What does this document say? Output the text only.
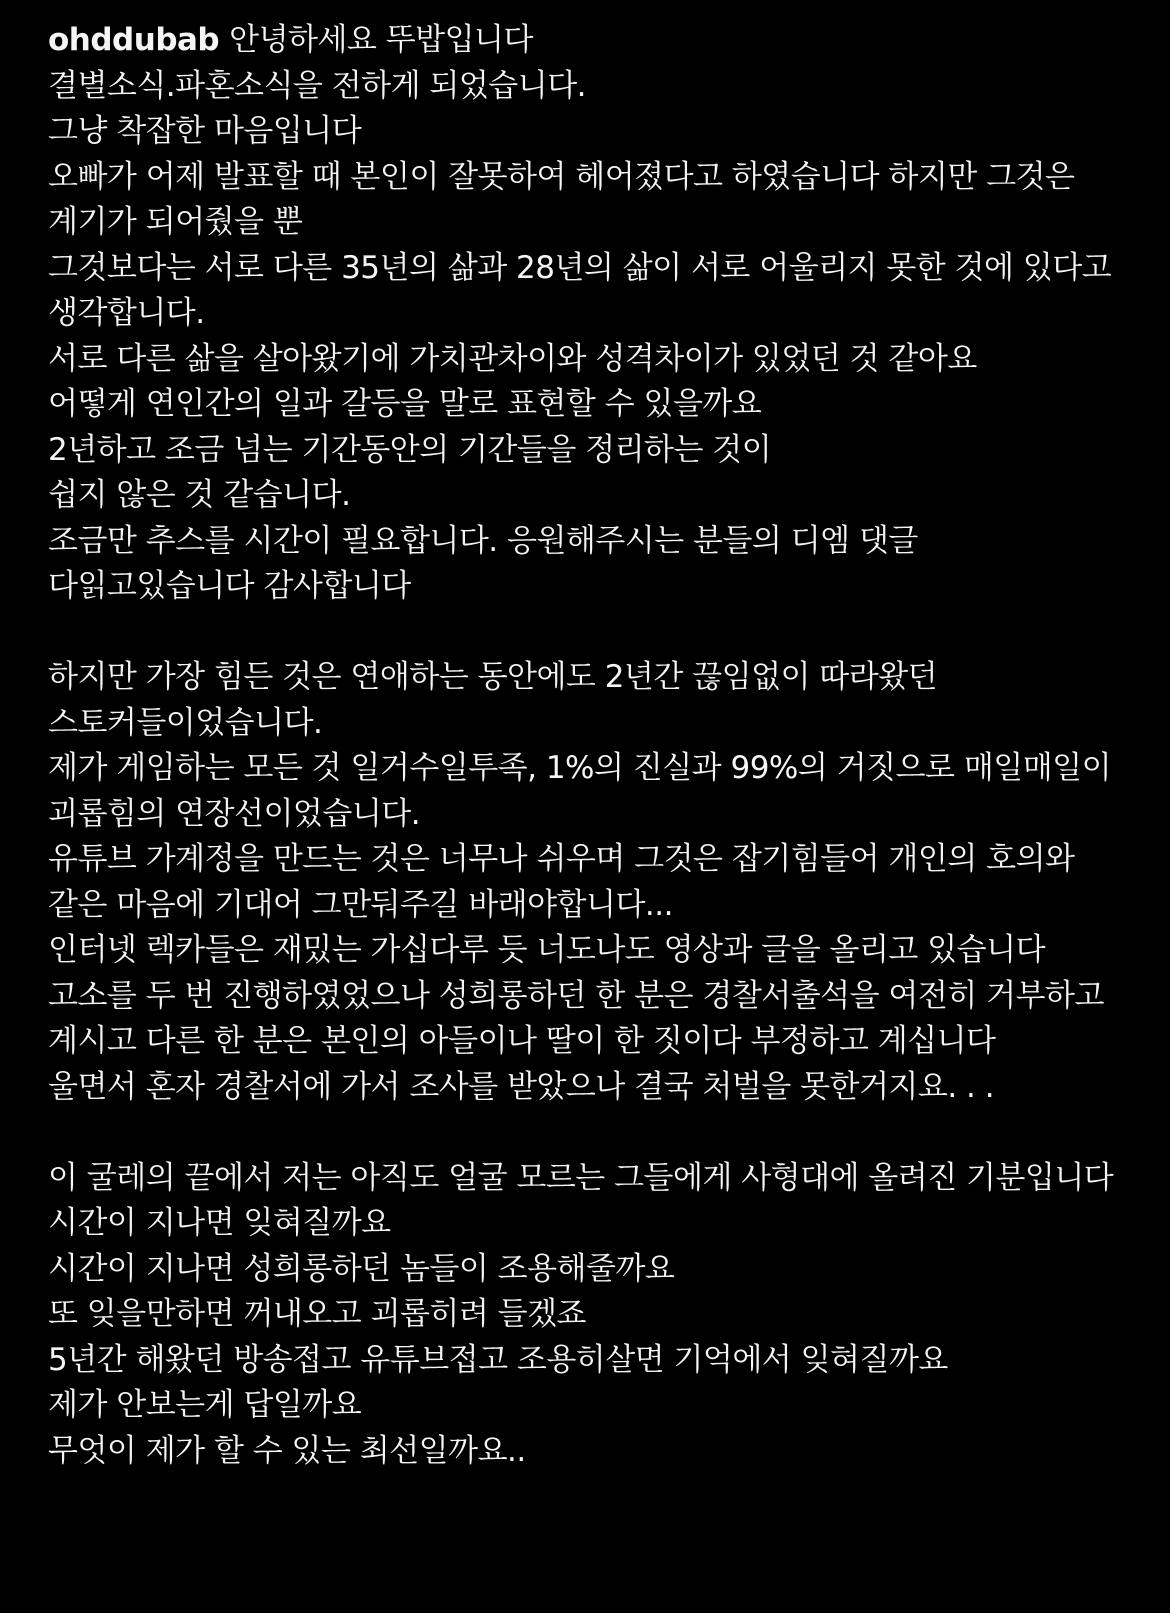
ohddubab 안녕하세요 뚜밥입니다
결별소식.파혼소식을 전하게 되었습니다.
그냥 착잡한 마음입니다
오빠가 어제 발표할 때 본인이 잘못하여 헤어졌다고 하였습니다 하지만 그것은 계기가 되어줬을 뿐
그것보다는 서로 다른 35년의 삶과 28년의 삶이 서로 어울리지 못한 것에 있다고 생각합니다.
서로 다른 삶을 살아왔기에 가치관차이와 성격차이가 있었던 것 같아요
어떻게 연인간의 일과 갈등을 말로 표현할 수 있을까요
2년하고 조금 넘는 기간동안의 기간들을 정리하는 것이
쉽지 않은 것 같습니다.
조금만 추스를 시간이 필요합니다. 응원해주시는 분들의 디엠 댓글 다읽고있습니다 감사합니다
하지만 가장 힘든 것은 연애하는 동안에도 2년간 끊임없이 따라왔던 스토커들이었습니다.
제가 게임하는 모든 것 일거수일투족, 1%의 진실과 99%의 거짓으로 매일매일이 괴롭힘의 연장선이었습니다.
유튜브 가계정을 만드는 것은 너무나 쉬우며 그것은 잡기힘들어 개인의 호의와 같은 마음에 기대어 그만둬주길 바래야합니다...
인터넷 렉카들은 재밌는 가십다루 듯 너도나도 영상과 글을 올리고 있습니다
고소를 두 번 진행하였었으나 성희롱하던 한 분은 경찰서출석을 여전히 거부하고 계시고 다른 한 분은 본인의 아들이나 딸이 한 짓이다 부정하고 계십니다
울면서 혼자 경찰서에 가서 조사를 받았으나 결국 처벌을 못한거지요. . .
이 굴레의 끝에서 저는 아직도 얼굴 모르는 그들에게 사형대에 올려진 기분입니다
시간이 지나면 잊혀질까요
시간이 지나면 성희롱하던 놈들이 조용해줄까요
또 잊을만하면 꺼내오고 괴롭히려 들겠죠
5년간 해왔던 방송접고 유튜브접고 조용히살면 기억에서 잊혀질까요
제가 안보는게 답일까요
무엇이 제가 할 수 있는 최선일까요..
